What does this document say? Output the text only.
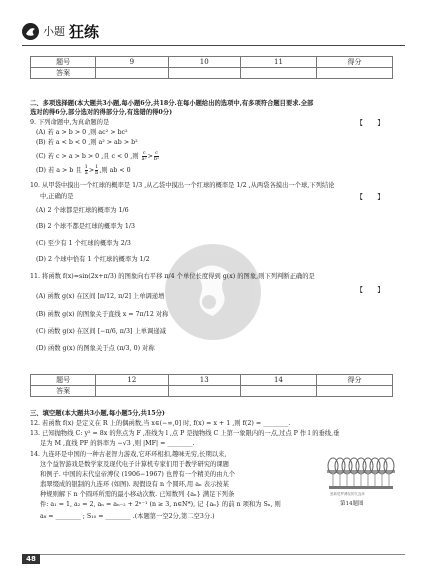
小题 狂练
题号	9	10	11	得分
答案				
二、多项选择题(本大题共3小题,每小题6分,共18分.在每小题给出的选项中,有多项符合题目要求.全部
选对的得6分,部分选对的得部分分,有选错的得0分)
9. 下列命题中,为真命题的是	【 】
(A) 若 a > b > 0 ,则 ac² > bc²
(B) 若 a < b < 0 ,则 a² > ab > b²
(C) 若 c > a > b > 0 ,且 c < 0 ,则 $\frac{c}{\text{a²}} > \frac{c}{\text{b²}}$
(D) 若 a > b 且 $\frac{1}{a} > \frac{1}{b}$ ,则 ab < 0
10. 从甲袋中摸出一个红球的概率是 1/3 ,从乙袋中摸出一个红球的概率是 1/2 ,从两袋各摸出一个球,下列结论
中,正确的是	【 】
(A) 2 个球都是红球的概率为 1/6
(B) 2 个球不都是红球的概率为 1/3
(C) 至少有 1 个红球的概率为 2/3
(D) 2 个球中恰有 1 个红球的概率为 1/2
11. 将函数 f(x)=sin(2x+π/3) 的图象向右平移 π/4 个单位长度得到 g(x) 的图象,则下列判断正确的是
【 】
(A) 函数 g(x) 在区间 [π/12, π/2] 上单调递增
(B) 函数 g(x) 的图象关于直线 x = 7π/12 对称
(C) 函数 g(x) 在区间 [−π/6, π/3] 上单调递减
(D) 函数 g(x) 的图象关于点 (π/3, 0) 对称
题号	12	13	14	得分
答案				
三、填空题(本大题共3小题,每小题5分,共15分)
12. 若函数 f(x) 是定义在 R 上的偶函数,当 x∈(−∞,0] 时, f(x) = x + 1 ,则 f(2) = ________.
13. 已知抛物线 C: y² = 8x 的焦点为 F ,准线为 l ,点 P 是抛物线 C 上第一象限内的一点,过点 P 作 l 的垂线,垂
足为 M ,直线 PF 的斜率为 −√3 ,则 |MF| = ________.
14. 九连环是中国的一种古老智力游戏,它环环相扣,趣味无穷,长期以来,
这个益智游戏是数学家及现代电子计算机专家们用于教学研究的课题
和例子. 中国的末代皇帝溥仪 (1906−1967) 也曾有一个精美的由九个
翡翠缀成的银制的九连环 (如图). 现假设有 n 个圆环,用 aₙ 表示按某
种规则解下 n 个圆环所需的最小移动次数. 已知数列 {aₙ} 满足下列条
件: a₁ = 1, a₂ = 2, aₙ = aₙ₋₂ + 2ⁿ⁻¹ (n ≥ 3, n∈N*), 记 {aₙ} 的前 n 项和为 Sₙ, 则
a₈ = ________ ; S₁₀ = ________ .(本题第一空2分,第二空3分.)
爱新觉罗溥仪的九连环
第14题图
48
